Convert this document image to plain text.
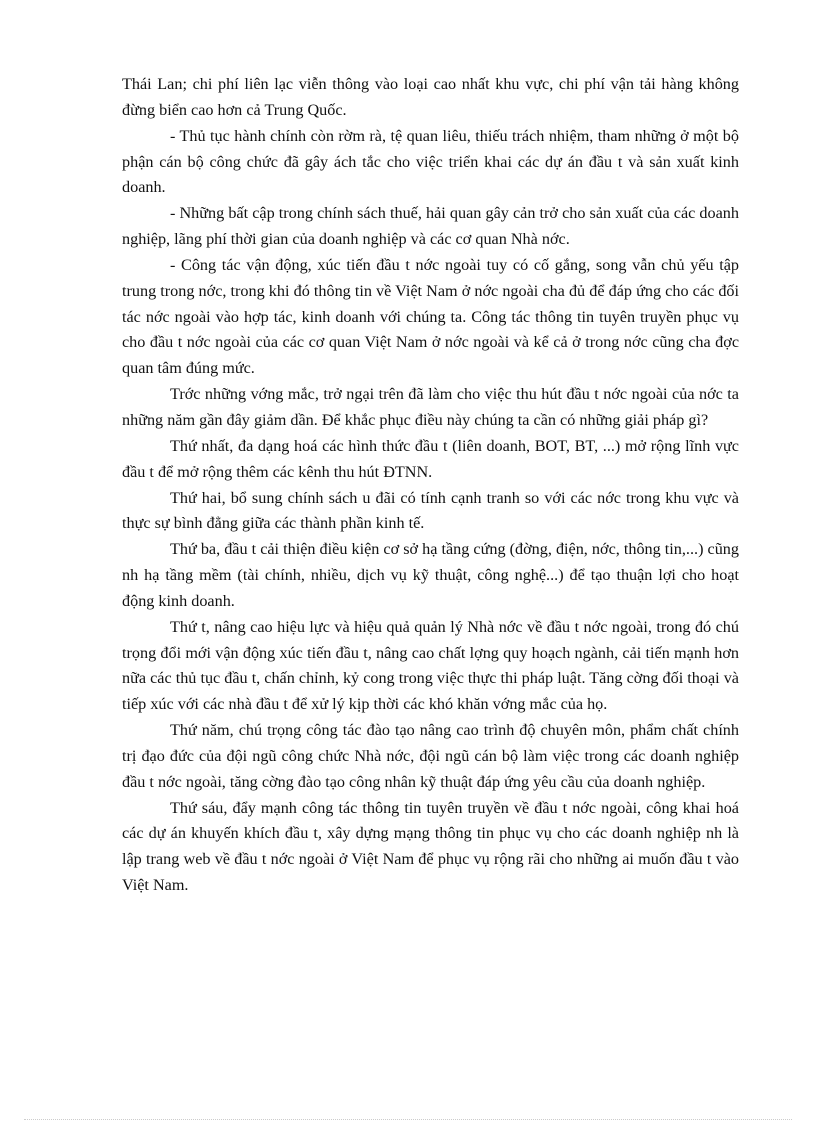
Thái Lan; chi phí liên lạc viễn thông vào loại cao nhất khu vực, chi phí vận tải hàng không đừng biển cao hơn cả Trung Quốc.

- Thủ tục hành chính còn rờm rà, tệ quan liêu, thiếu trách nhiệm, tham những ở một bộ phận cán bộ công chức đã gây ách tắc cho việc triển khai các dự án đầu t và sản xuất kinh doanh.

- Những bất cập trong chính sách thuế, hải quan gây cản trở cho sản xuất của các doanh nghiệp, lãng phí thời gian của doanh nghiệp và các cơ quan Nhà nớc.

- Công tác vận động, xúc tiến đầu t nớc ngoài tuy có cố gắng, song vẫn chủ yếu tập trung trong nớc, trong khi đó thông tin về Việt Nam ở nớc ngoài cha đủ để đáp ứng cho các đối tác nớc ngoài vào hợp tác, kinh doanh với chúng ta. Công tác thông tin tuyên truyền phục vụ cho đầu t nớc ngoài của các cơ quan Việt Nam ở nớc ngoài và kể cả ở trong nớc cũng cha đợc quan tâm đúng mức.

Trớc những vớng mắc, trở ngại trên đã làm cho việc thu hút đầu t nớc ngoài của nớc ta những năm gần đây giảm dần. Để khắc phục điều này chúng ta cần có những giải pháp gì?

Thứ nhất, đa dạng hoá các hình thức đầu t (liên doanh, BOT, BT, ...) mở rộng lĩnh vực đầu t để mở rộng thêm các kênh thu hút ĐTNN.

Thứ hai, bổ sung chính sách u đãi có tính cạnh tranh so với các nớc trong khu vực và thực sự bình đẳng giữa các thành phần kinh tế.

Thứ ba, đầu t cải thiện điều kiện cơ sở hạ tầng cứng (đờng, điện, nớc, thông tin,...) cũng nh hạ tầng mềm (tài chính, nhiều, dịch vụ kỹ thuật, công nghệ...) để tạo thuận lợi cho hoạt động kinh doanh.

Thứ t, nâng cao hiệu lực và hiệu quả quản lý Nhà nớc về đầu t nớc ngoài, trong đó chú trọng đổi mới vận động xúc tiến đầu t, nâng cao chất lợng quy hoạch ngành, cải tiến mạnh hơn nữa các thủ tục đầu t, chấn chỉnh, kỷ cong trong việc thực thi pháp luật. Tăng cờng đối thoại và tiếp xúc với các nhà đầu t để xử lý kịp thời các khó khăn vớng mắc của họ.

Thứ năm, chú trọng công tác đào tạo nâng cao trình độ chuyên môn, phẩm chất chính trị đạo đức của đội ngũ công chức Nhà nớc, đội ngũ cán bộ làm việc trong các doanh nghiệp đầu t nớc ngoài, tăng cờng đào tạo công nhân kỹ thuật đáp ứng yêu cầu của doanh nghiệp.

Thứ sáu, đẩy mạnh công tác thông tin tuyên truyền về đầu t nớc ngoài, công khai hoá các dự án khuyến khích đầu t, xây dựng mạng thông tin phục vụ cho các doanh nghiệp nh là lập trang web về đầu t nớc ngoài ở Việt Nam để phục vụ rộng rãi cho những ai muốn đầu t vào Việt Nam.
